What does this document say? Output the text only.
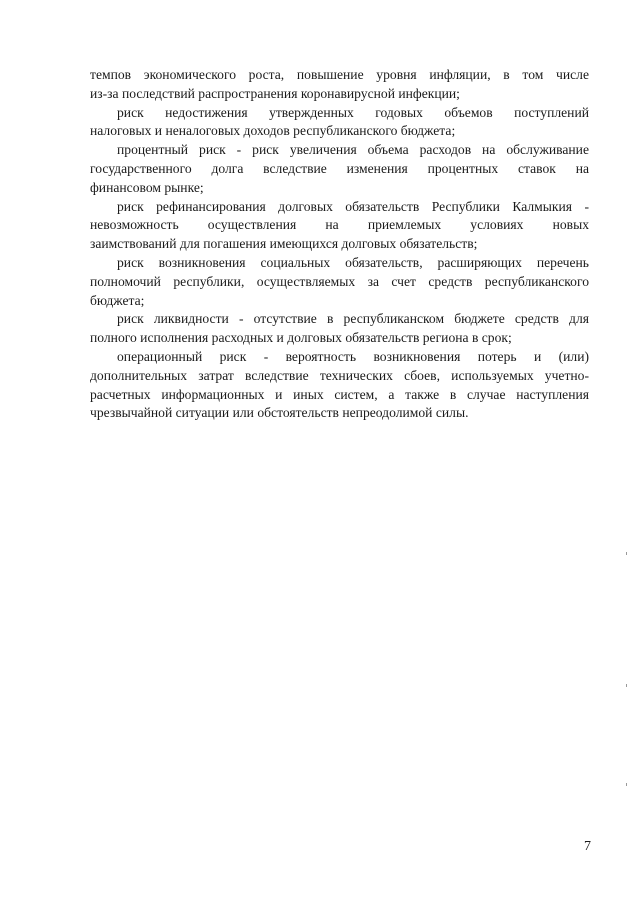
темпов экономического роста, повышение уровня инфляции, в том числе
из-за последствий распространения коронавирусной инфекции;
риск недостижения утвержденных годовых объемов поступлений
налоговых и неналоговых доходов республиканского бюджета;
процентный риск - риск увеличения объема расходов на обслуживание
государственного долга вследствие изменения процентных ставок на
финансовом рынке;
риск рефинансирования долговых обязательств Республики Калмыкия -
невозможность осуществления на приемлемых условиях новых
заимствований для погашения имеющихся долговых обязательств;
риск возникновения социальных обязательств, расширяющих перечень
полномочий республики, осуществляемых за счет средств республиканского
бюджета;
риск ликвидности - отсутствие в республиканском бюджете средств для
полного исполнения расходных и долговых обязательств региона в срок;
операционный риск - вероятность возникновения потерь и (или)
дополнительных затрат вследствие технических сбоев, используемых учетно-
расчетных информационных и иных систем, а также в случае наступления
чрезвычайной ситуации или обстоятельств непреодолимой силы.
7
